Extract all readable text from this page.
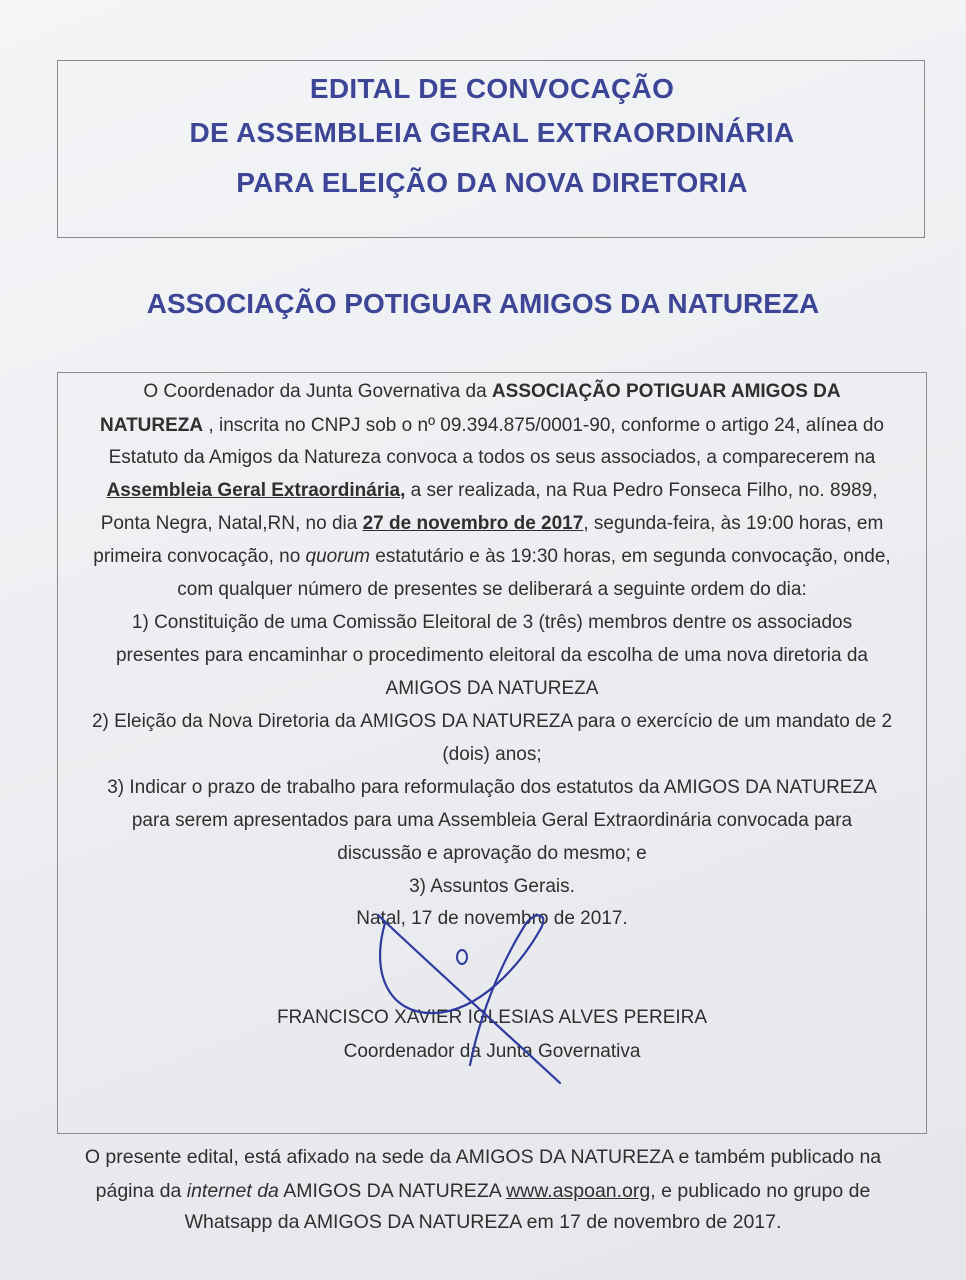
EDITAL DE CONVOCAÇÃO
DE ASSEMBLEIA GERAL EXTRAORDINÁRIA
PARA ELEIÇÃO DA NOVA DIRETORIA
ASSOCIAÇÃO POTIGUAR AMIGOS DA NATUREZA
O Coordenador da Junta Governativa da ASSOCIAÇÃO POTIGUAR AMIGOS DA
NATUREZA , inscrita no CNPJ sob o nº 09.394.875/0001-90, conforme o artigo 24, alínea do
Estatuto da Amigos da Natureza convoca a todos os seus associados, a comparecerem na
Assembleia Geral Extraordinária, a ser realizada, na Rua Pedro Fonseca Filho, no. 8989,
Ponta Negra, Natal,RN, no dia 27 de novembro de 2017, segunda-feira, às 19:00 horas, em
primeira convocação, no quorum estatutário e às 19:30 horas, em segunda convocação, onde,
com qualquer número de presentes se deliberará a seguinte ordem do dia:
1) Constituição de uma Comissão Eleitoral de 3 (três) membros dentre os associados
presentes para encaminhar o procedimento eleitoral da escolha de uma nova diretoria da
AMIGOS DA NATUREZA
2) Eleição da Nova Diretoria da AMIGOS DA NATUREZA para o exercício de um mandato de 2
(dois) anos;
3) Indicar o prazo de trabalho para reformulação dos estatutos da AMIGOS DA NATUREZA
para serem apresentados para uma Assembleia Geral Extraordinária convocada para
discussão e aprovação do mesmo; e
3) Assuntos Gerais.
Natal, 17 de novembro de 2017.
FRANCISCO XAVIER IGLESIAS ALVES PEREIRA
Coordenador da Junta Governativa
O presente edital, está afixado na sede da AMIGOS DA NATUREZA e também publicado na
página da internet da AMIGOS DA NATUREZA www.aspoan.org, e publicado no grupo de
Whatsapp da AMIGOS DA NATUREZA em 17 de novembro de 2017.
